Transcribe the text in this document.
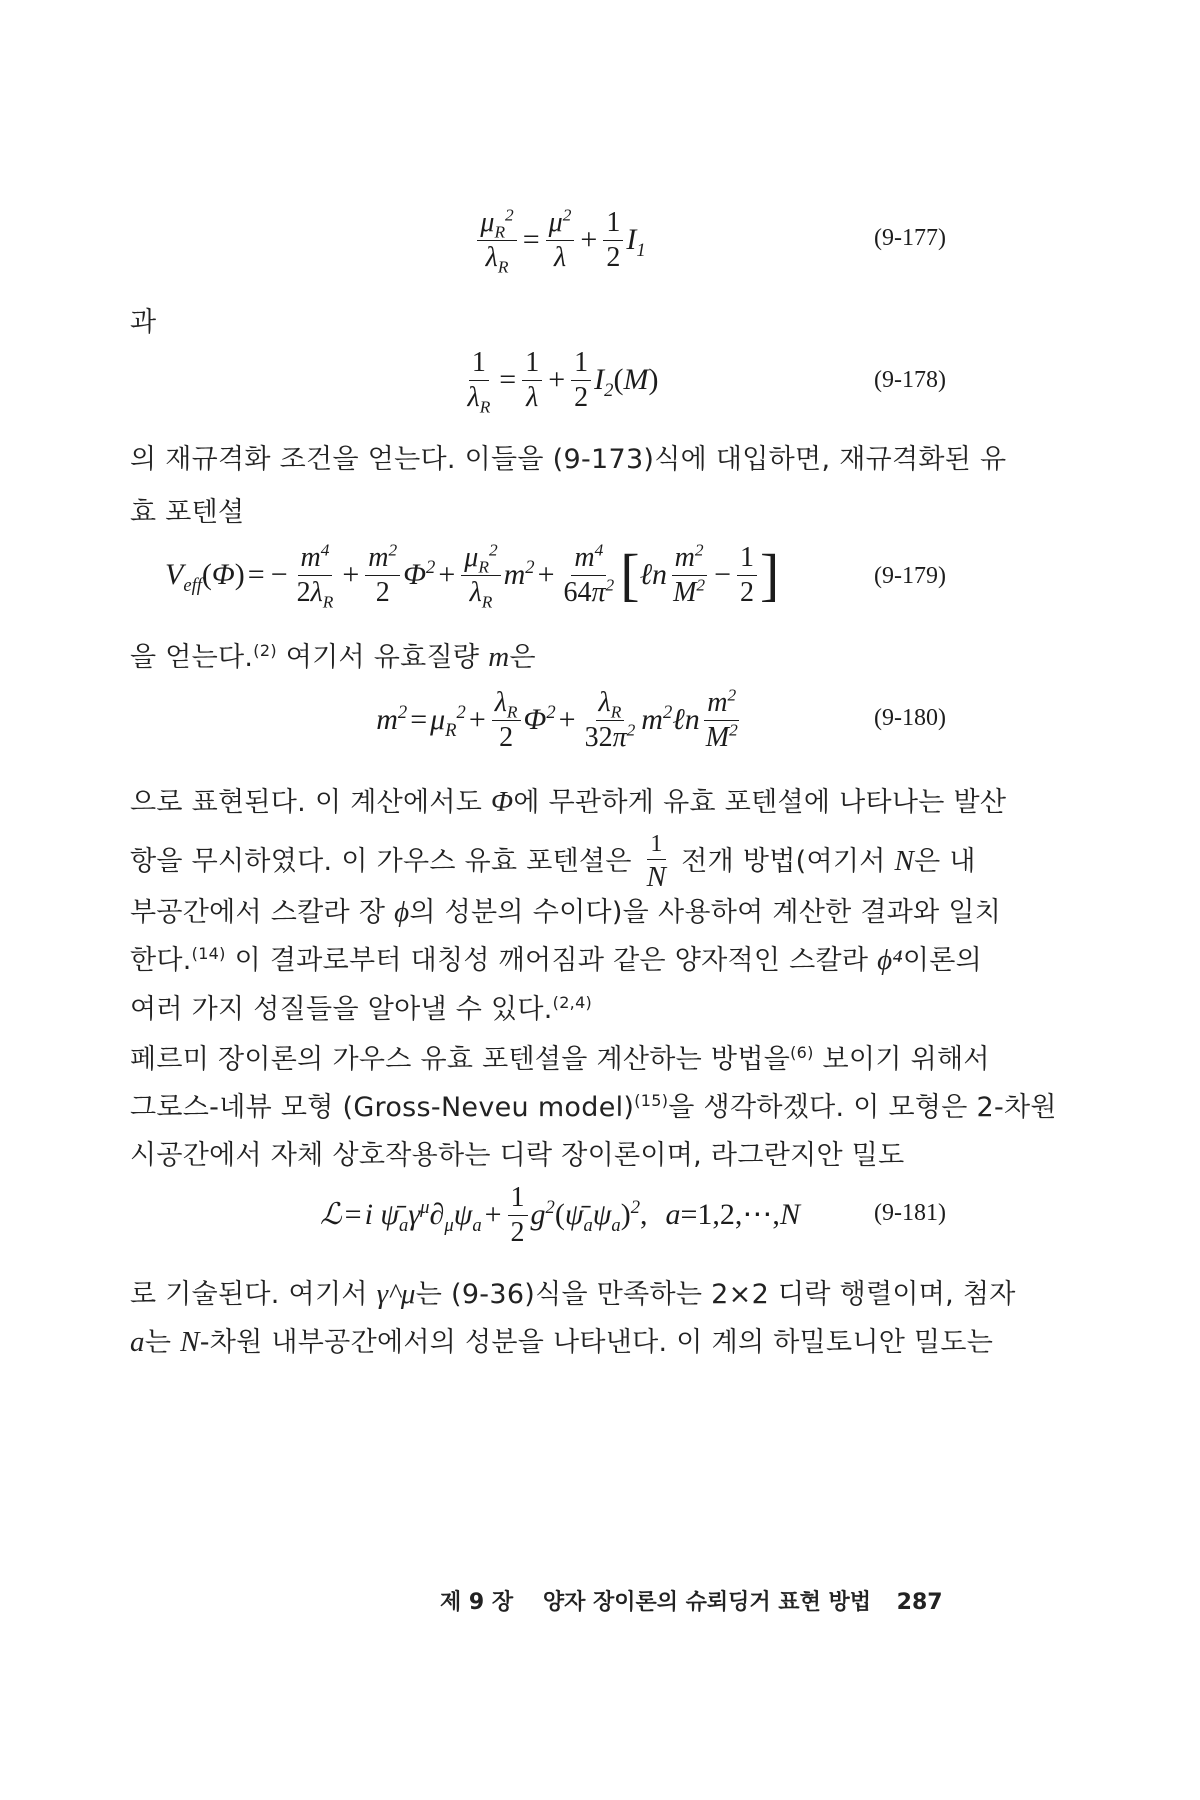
$\frac{\mu_R^2}{\lambda_R} = \frac{\mu^2}{\lambda} + \frac{1}{2} I_1$	(9-177)
과
$\frac{1}{\lambda_R} = \frac{1}{\lambda} + \frac{1}{2} I_2(M)$	(9-178)
의 재규격화 조건을 얻는다. 이들을 (9-173)식에 대입하면, 재규격화된 유
효 포텐셜
$V_{eff}(\Phi)$ = − $\frac{m^4}{2\lambda_R} + \frac{m^2}{2} \Phi^2 + \frac{\mu_R^2}{\lambda_R} m^2 + \frac{m^4}{64\pi^2}$ [ ℓn $\frac{m^2}{M^2} - \frac{1}{2}$ ]	(9-179)
을 얻는다.$^{(2)}$ 여기서 유효질량 m은
$m^2 = \mu_R^2 + \frac{\lambda_R}{2} \Phi^2 + \frac{\lambda_R}{32\pi^2} m^2$ ℓn $\frac{m^2}{M^2}$	(9-180)
으로 표현된다. 이 계산에서도 Φ에 무관하게 유효 포텐셜에 나타나는 발산
항을 무시하였다. 이 가우스 유효 포텐셜은 $\frac{1}{N}$ 전개 방법(여기서 N은 내
부공간에서 스칼라 장 ϕ의 성분의 수이다)을 사용하여 계산한 결과와 일치
한다.$^{(14)}$ 이 결과로부터 대칭성 깨어짐과 같은 양자적인 스칼라 ϕ⁴이론의
여러 가지 성질들을 알아낼 수 있다.$^{(2,4)}$
페르미 장이론의 가우스 유효 포텐셜을 계산하는 방법을$^{(6)}$ 보이기 위해서
그로스-네뷰 모형 (Gross-Neveu model)$^{(15)}$을 생각하겠다. 이 모형은 2-차원
시공간에서 자체 상호작용하는 디락 장이론이며, 라그란지안 밀도
ℒ = i $\psī_a\gamma^\mu\partial_\mu\psi_a + \frac{1}{2}$ $g^2(\psī_a\psi_a)^2$, a=1,2,⋯,N	(9-181)
로 기술된다. 여기서 γ^μ는 (9-36)식을 만족하는 2×2 디락 행렬이며, 첨자
a는 N-차원 내부공간에서의 성분을 나타낸다. 이 계의 하밀토니안 밀도는
제 9 장 양자 장이론의 슈뢰딩거 표현 방법 287
